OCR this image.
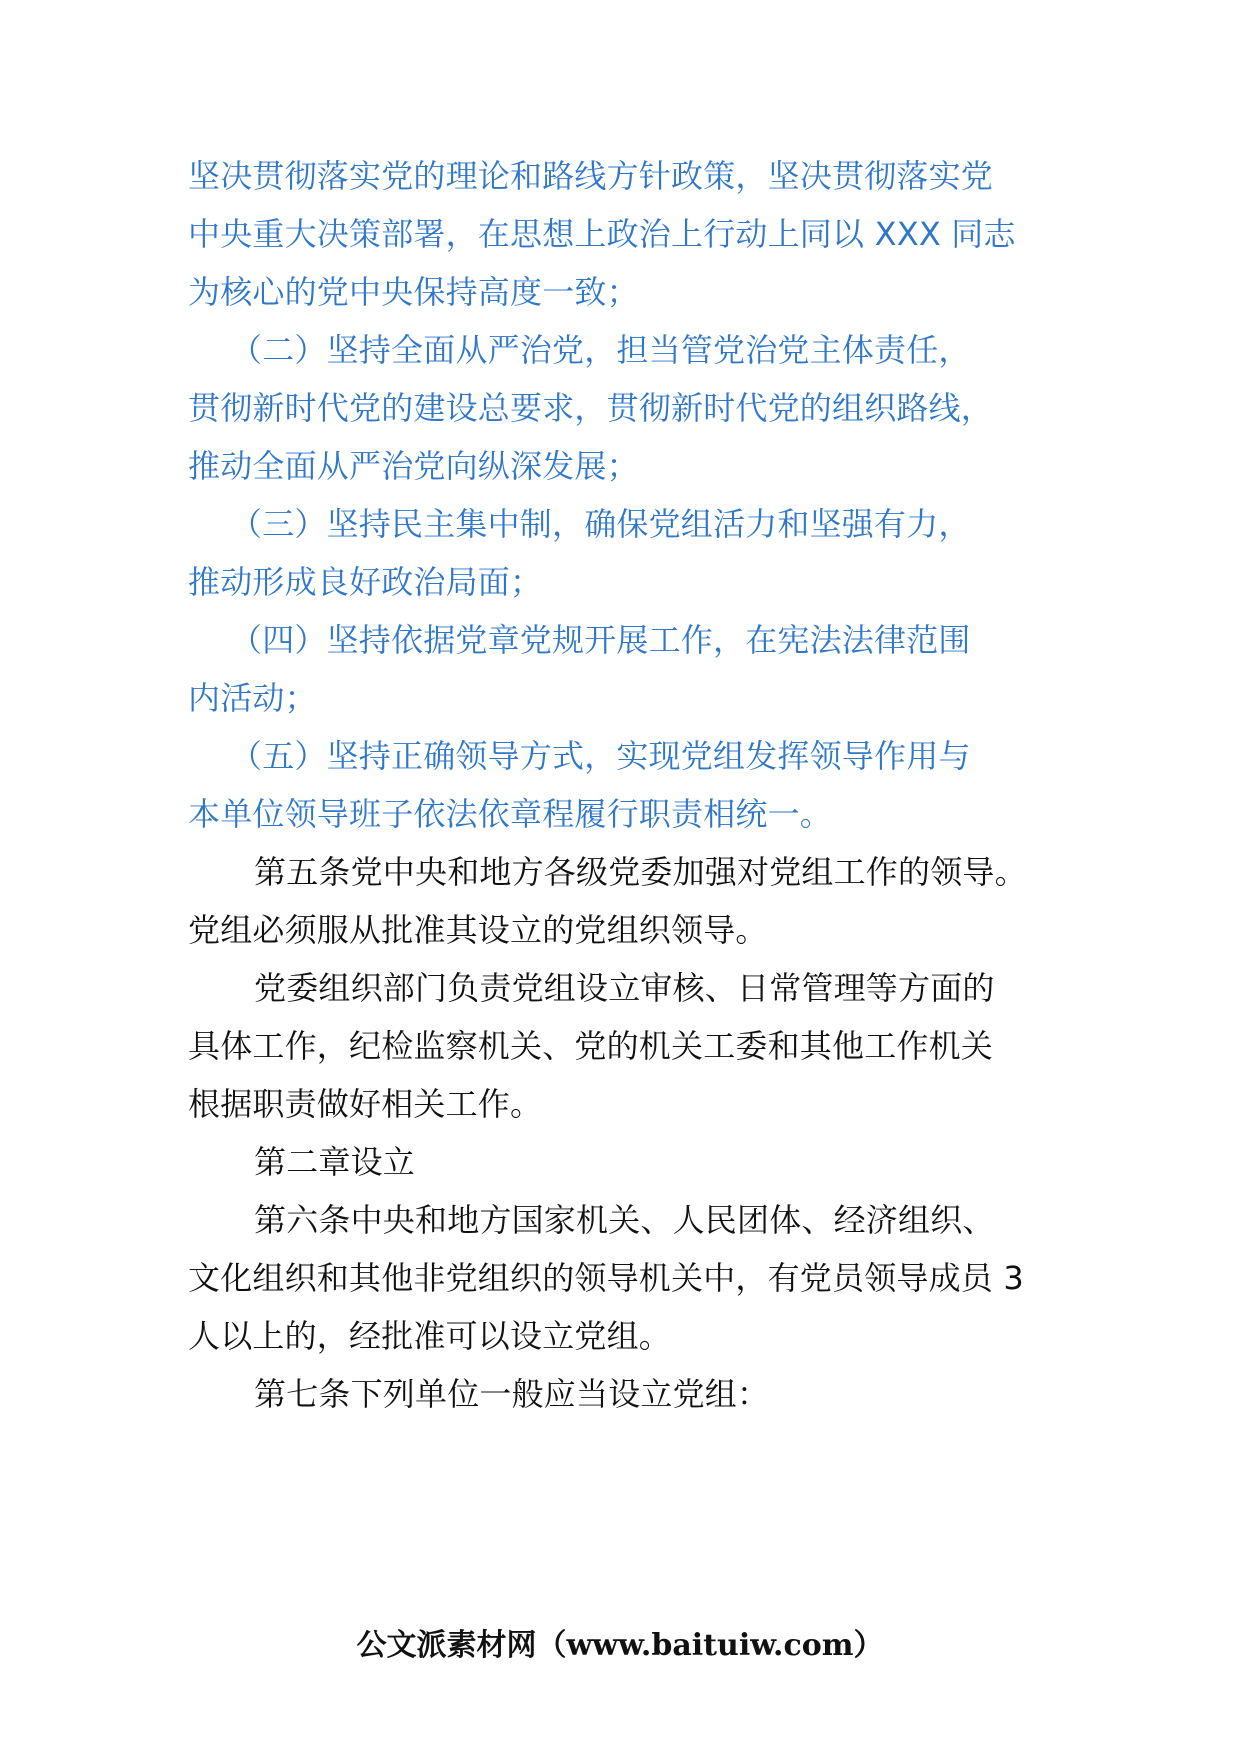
坚决贯彻落实党的理论和路线方针政策，坚决贯彻落实党
中央重大决策部署，在思想上政治上行动上同以 XXX 同志
为核心的党中央保持高度一致；
（二）坚持全面从严治党，担当管党治党主体责任，
贯彻新时代党的建设总要求，贯彻新时代党的组织路线，
推动全面从严治党向纵深发展；
（三）坚持民主集中制，确保党组活力和坚强有力，
推动形成良好政治局面；
（四）坚持依据党章党规开展工作，在宪法法律范围
内活动；
（五）坚持正确领导方式，实现党组发挥领导作用与
本单位领导班子依法依章程履行职责相统一。
第五条党中央和地方各级党委加强对党组工作的领导。
党组必须服从批准其设立的党组织领导。
党委组织部门负责党组设立审核、日常管理等方面的
具体工作，纪检监察机关、党的机关工委和其他工作机关
根据职责做好相关工作。
第二章设立
第六条中央和地方国家机关、人民团体、经济组织、
文化组织和其他非党组织的领导机关中，有党员领导成员 3
人以上的，经批准可以设立党组。
第七条下列单位一般应当设立党组：
公文派素材网（www.baituiw.com）
